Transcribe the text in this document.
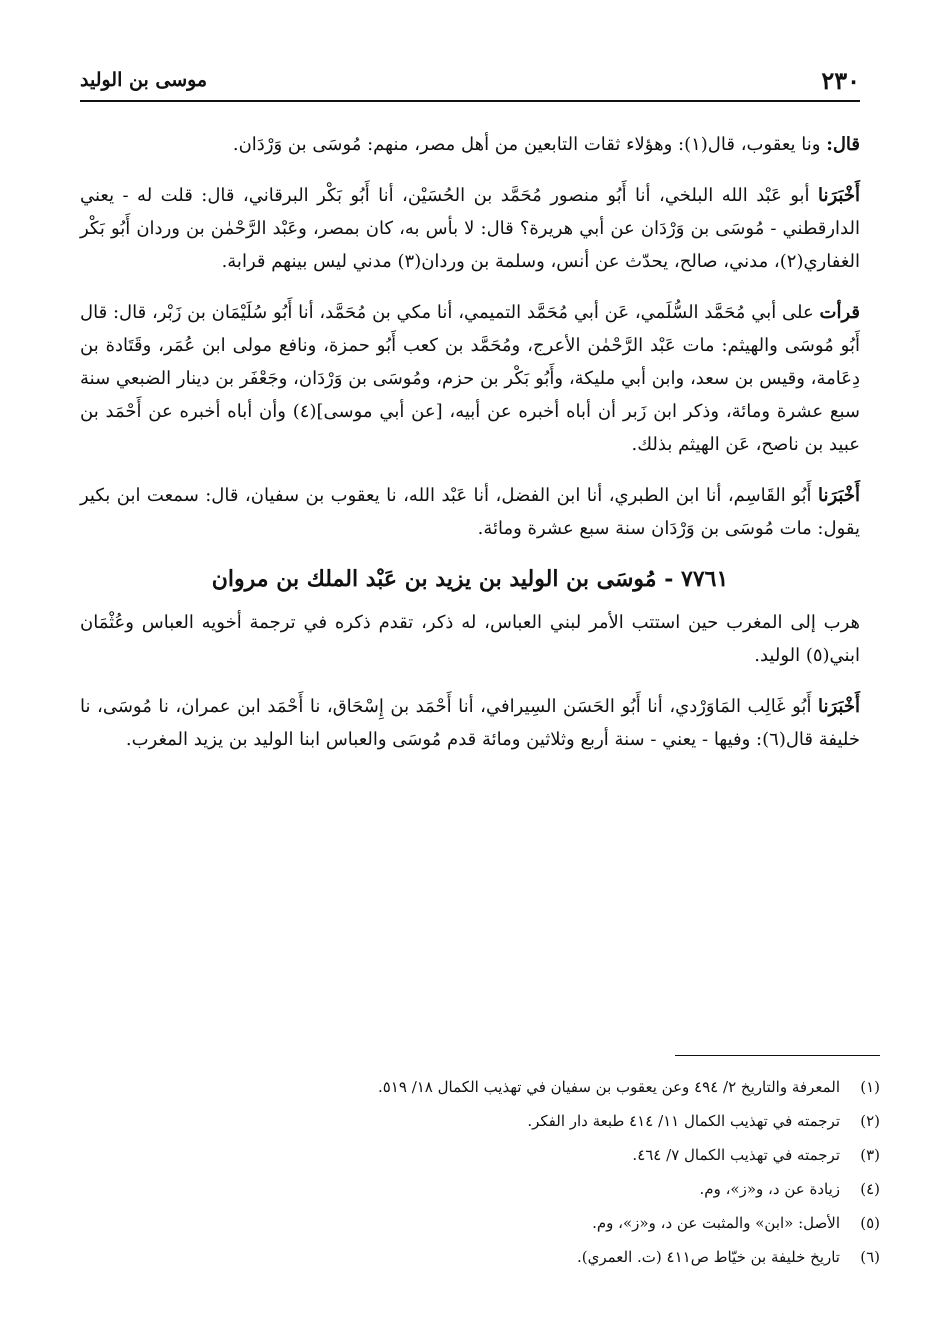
٢٣٠
موسى بن الوليد

قال: ونا يعقوب، قال(١): وهؤلاء ثقات التابعين من أهل مصر، منهم: مُوسَى بن وَرْدَان.

أَخْبَرَنا أبو عَبْد الله البلخي، أنا أَبُو منصور مُحَمَّد بن الحُسَيْن، أنا أَبُو بَكْر البرقاني، قال: قلت له - يعني الدارقطني - مُوسَى بن وَرْدَان عن أبي هريرة؟ قال: لا بأس به، كان بمصر، وعَبْد الرَّحْمٰن بن وردان أَبُو بَكْر الغفاري(٢)، مدني، صالح، يحدّث عن أنس، وسلمة بن وردان(٣) مدني ليس بينهم قرابة.

قرأت على أبي مُحَمَّد السُّلَمي، عَن أبي مُحَمَّد التميمي، أنا مكي بن مُحَمَّد، أنا أَبُو سُلَيْمَان بن زَبْر، قال: قال أَبُو مُوسَى والهيثم: مات عَبْد الرَّحْمٰن الأعرج، ومُحَمَّد بن كعب أَبُو حمزة، ونافع مولى ابن عُمَر، وقَتَادة بن دِعَامة، وقيس بن سعد، وابن أبي مليكة، وأَبُو بَكْر بن حزم، ومُوسَى بن وَرْدَان، وجَعْفَر بن دينار الضبعي سنة سبع عشرة ومائة، وذكر ابن زَبر أن أباه أخبره عن أبيه، [عن أبي موسى](٤) وأن أباه أخبره عن أَحْمَد بن عبيد بن ناصح، عَن الهيثم بذلك.

أَخْبَرَنا أَبُو القَاسِم، أنا ابن الطبري، أنا ابن الفضل، أنا عَبْد الله، نا يعقوب بن سفيان، قال: سمعت ابن بكير يقول: مات مُوسَى بن وَرْدَان سنة سبع عشرة ومائة.

٧٧٦١ - مُوسَى بن الوليد بن يزيد بن عَبْد الملك بن مروان

هرب إلى المغرب حين استتب الأمر لبني العباس، له ذكر، تقدم ذكره في ترجمة أخويه العباس وعُثْمَان ابني(٥) الوليد.

أَخْبَرَنا أَبُو غَالِب المَاوَرْدي، أنا أَبُو الحَسَن السِيرافي، أنا أَحْمَد بن إِسْحَاق، نا أَحْمَد ابن عمران، نا مُوسَى، نا خليفة قال(٦): وفيها - يعني - سنة أربع وثلاثين ومائة قدم مُوسَى والعباس ابنا الوليد بن يزيد المغرب.

(١)
المعرفة والتاريخ ٢/ ٤٩٤ وعن يعقوب بن سفيان في تهذيب الكمال ١٨/ ٥١٩.
(٢)
ترجمته في تهذيب الكمال ١١/ ٤١٤ طبعة دار الفكر.
(٣)
ترجمته في تهذيب الكمال ٧/ ٤٦٤.
(٤)
زيادة عن د، و«ز»، وم.
(٥)
الأصل: «ابن» والمثبت عن د، و«ز»، وم.
(٦)
تاريخ خليفة بن خيّاط ص٤١١ (ت. العمري).
